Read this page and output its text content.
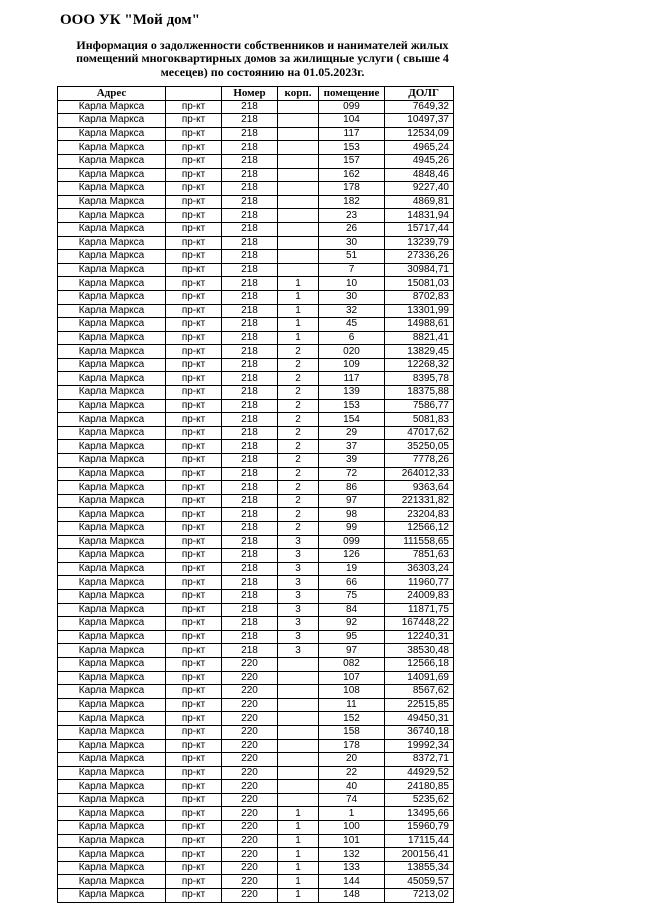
ООО УК "Мой дом"
Информация о задолженности собственников и нанимателей жилых
помещений многоквартирных домов за жилищные услуги ( свыше 4
месецев) по состоянию на 01.05.2023г.
Адрес		Номер	корп.	помещение	ДОЛГ
Карла Маркса	пр-кт	218		099	7649,32
Карла Маркса	пр-кт	218		104	10497,37
Карла Маркса	пр-кт	218		117	12534,09
Карла Маркса	пр-кт	218		153	4965,24
Карла Маркса	пр-кт	218		157	4945,26
Карла Маркса	пр-кт	218		162	4848,46
Карла Маркса	пр-кт	218		178	9227,40
Карла Маркса	пр-кт	218		182	4869,81
Карла Маркса	пр-кт	218		23	14831,94
Карла Маркса	пр-кт	218		26	15717,44
Карла Маркса	пр-кт	218		30	13239,79
Карла Маркса	пр-кт	218		51	27336,26
Карла Маркса	пр-кт	218		7	30984,71
Карла Маркса	пр-кт	218	1	10	15081,03
Карла Маркса	пр-кт	218	1	30	8702,83
Карла Маркса	пр-кт	218	1	32	13301,99
Карла Маркса	пр-кт	218	1	45	14988,61
Карла Маркса	пр-кт	218	1	6	8821,41
Карла Маркса	пр-кт	218	2	020	13829,45
Карла Маркса	пр-кт	218	2	109	12268,32
Карла Маркса	пр-кт	218	2	117	8395,78
Карла Маркса	пр-кт	218	2	139	18375,88
Карла Маркса	пр-кт	218	2	153	7586,77
Карла Маркса	пр-кт	218	2	154	5081,83
Карла Маркса	пр-кт	218	2	29	47017,62
Карла Маркса	пр-кт	218	2	37	35250,05
Карла Маркса	пр-кт	218	2	39	7778,26
Карла Маркса	пр-кт	218	2	72	264012,33
Карла Маркса	пр-кт	218	2	86	9363,64
Карла Маркса	пр-кт	218	2	97	221331,82
Карла Маркса	пр-кт	218	2	98	23204,83
Карла Маркса	пр-кт	218	2	99	12566,12
Карла Маркса	пр-кт	218	3	099	111558,65
Карла Маркса	пр-кт	218	3	126	7851,63
Карла Маркса	пр-кт	218	3	19	36303,24
Карла Маркса	пр-кт	218	3	66	11960,77
Карла Маркса	пр-кт	218	3	75	24009,83
Карла Маркса	пр-кт	218	3	84	11871,75
Карла Маркса	пр-кт	218	3	92	167448,22
Карла Маркса	пр-кт	218	3	95	12240,31
Карла Маркса	пр-кт	218	3	97	38530,48
Карла Маркса	пр-кт	220		082	12566,18
Карла Маркса	пр-кт	220		107	14091,69
Карла Маркса	пр-кт	220		108	8567,62
Карла Маркса	пр-кт	220		11	22515,85
Карла Маркса	пр-кт	220		152	49450,31
Карла Маркса	пр-кт	220		158	36740,18
Карла Маркса	пр-кт	220		178	19992,34
Карла Маркса	пр-кт	220		20	8372,71
Карла Маркса	пр-кт	220		22	44929,52
Карла Маркса	пр-кт	220		40	24180,85
Карла Маркса	пр-кт	220		74	5235,62
Карла Маркса	пр-кт	220	1	1	13495,66
Карла Маркса	пр-кт	220	1	100	15960,79
Карла Маркса	пр-кт	220	1	101	17115,44
Карла Маркса	пр-кт	220	1	132	200156,41
Карла Маркса	пр-кт	220	1	133	13855,34
Карла Маркса	пр-кт	220	1	144	45059,57
Карла Маркса	пр-кт	220	1	148	7213,02
